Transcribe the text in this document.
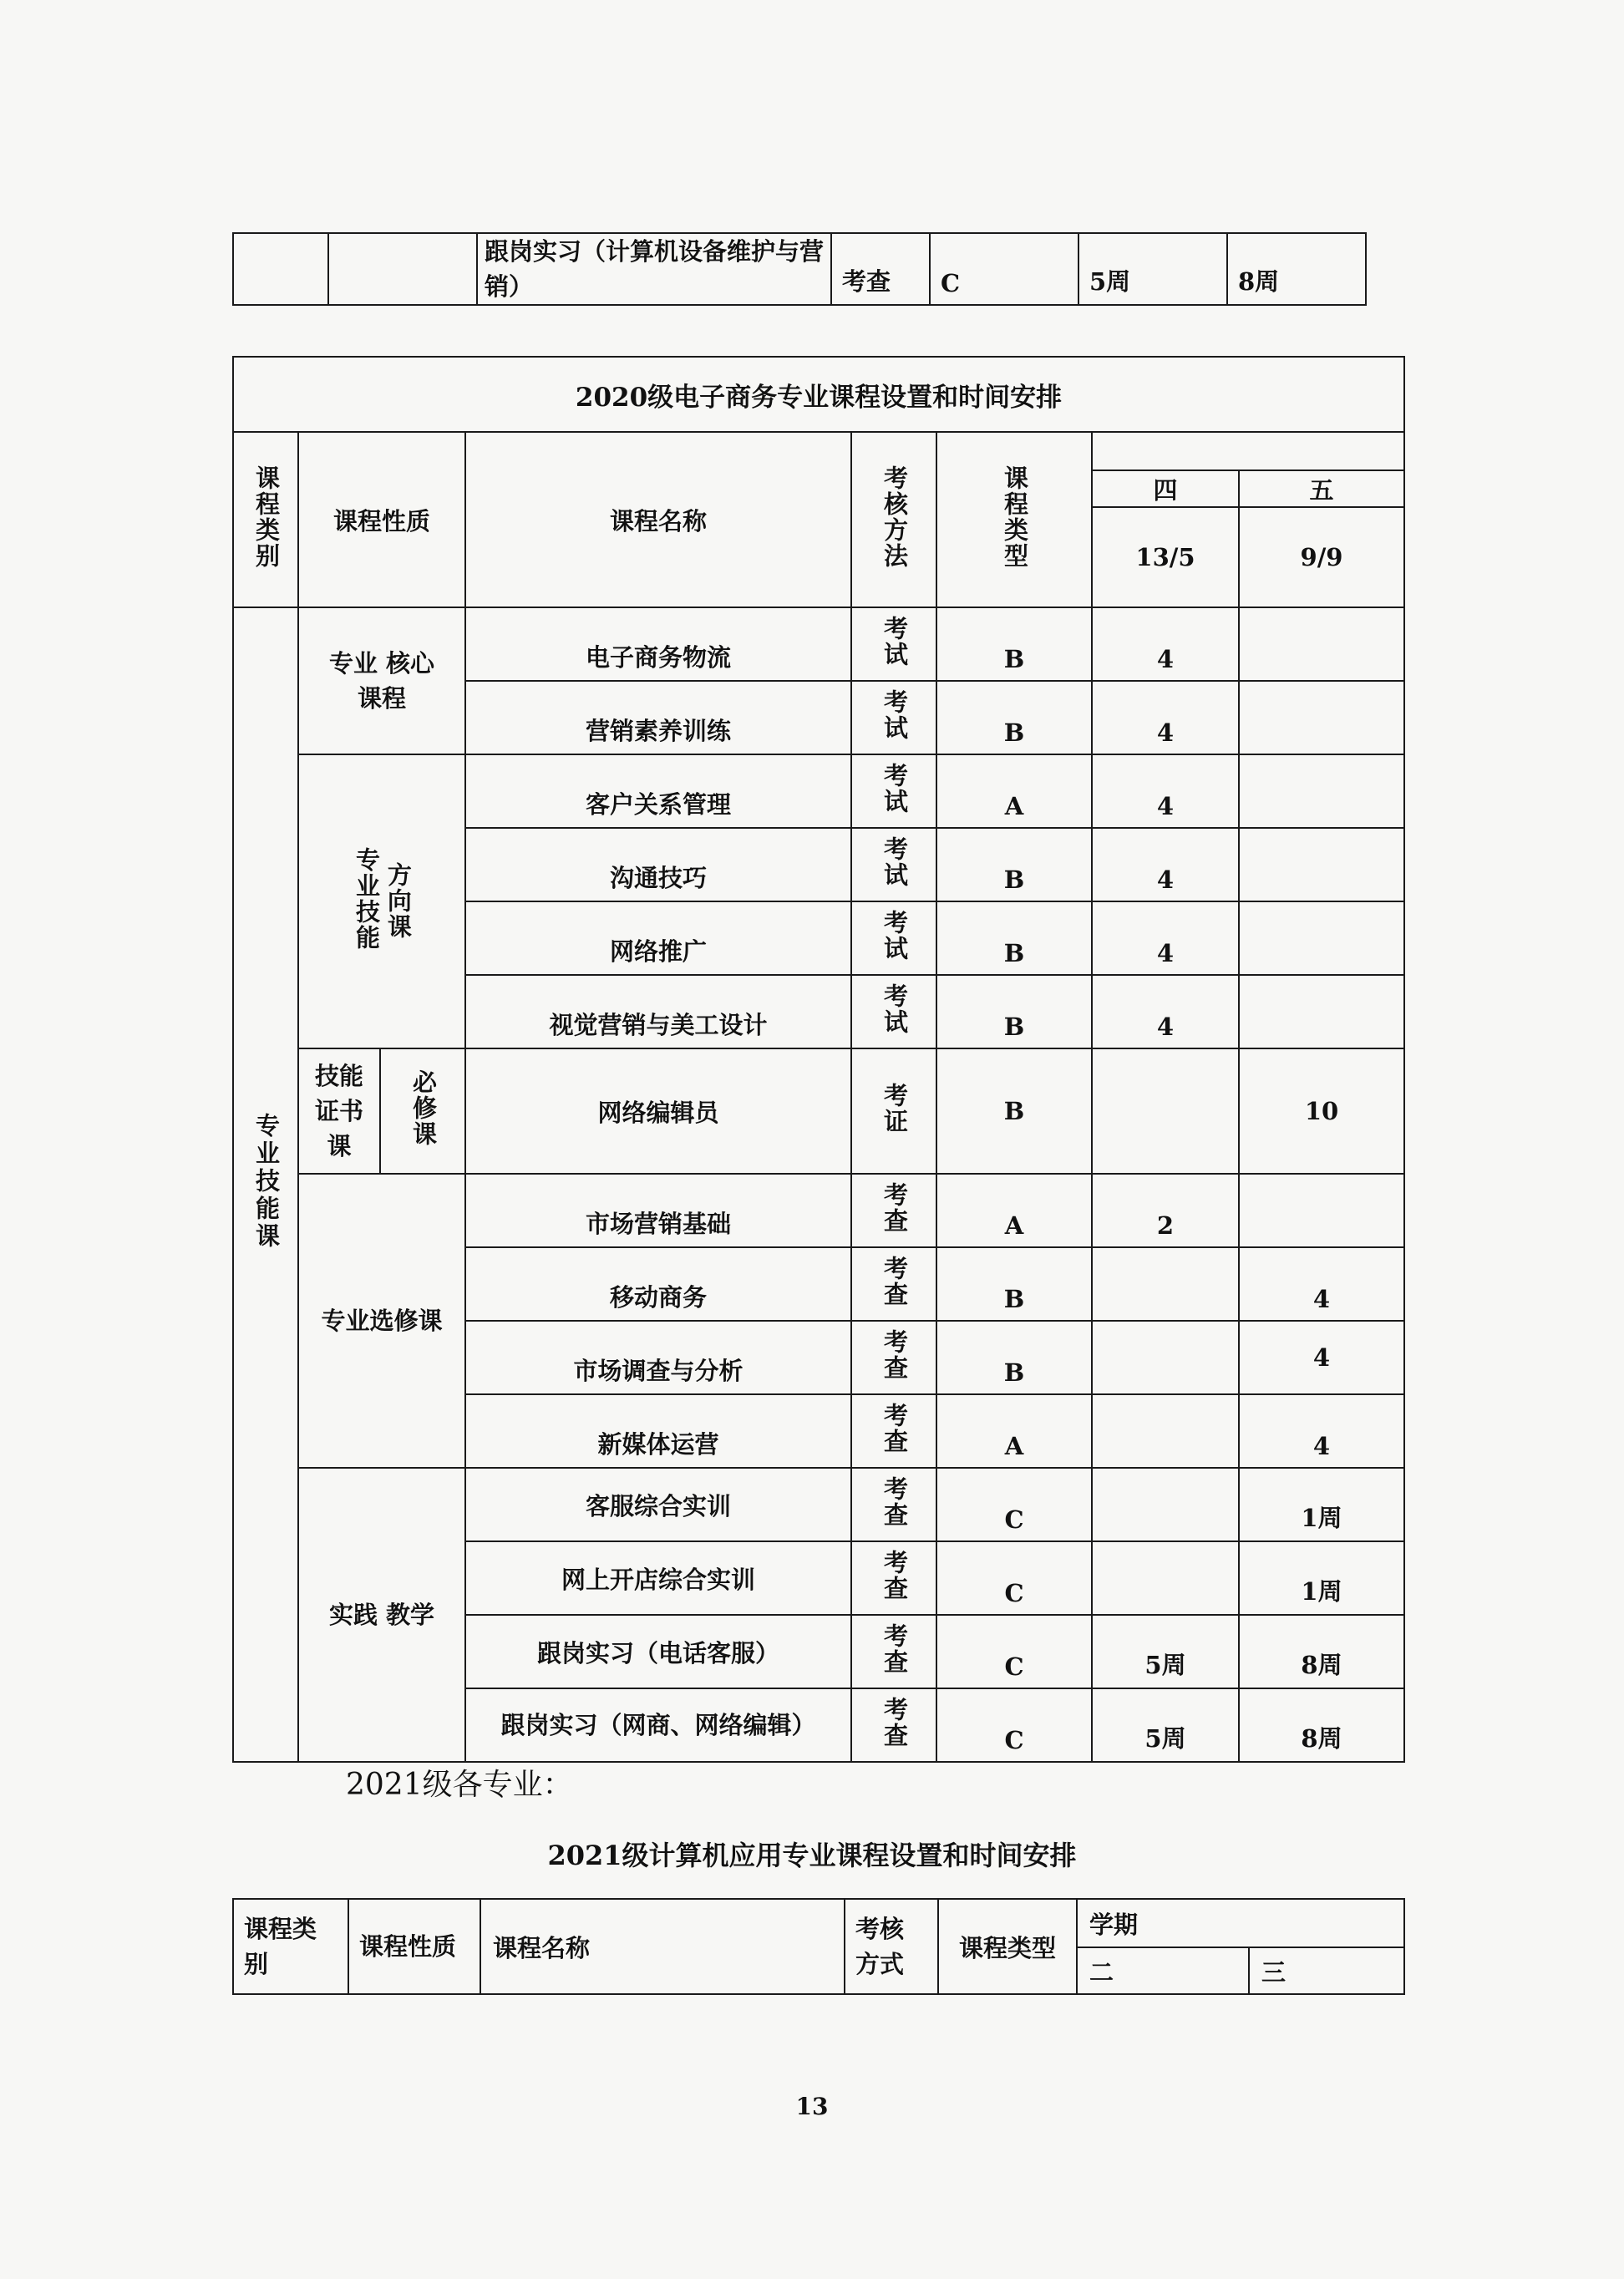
		跟岗实习（计算机设备维护与营销）	考查	C	5周	8周
2020级电子商务专业课程设置和时间安排							
课程类别	课程性质		课程名称	考核方法	课程类型		
						四	五
						13/5	9/9
专业技能课	专业 核心课程		电子商务物流	考试	B	4	
			营销素养训练	考试	B	4	

	专业技能 方向课		客户关系管理	考试	A	4	
			沟通技巧	考试	B	4	
			网络推广	考试	B	4	
			视觉营销与美工设计	考试	B	4	
	技能证书课	必修课	网络编辑员	考证	B		10
	专业选修课		市场营销基础	考查	A	2	
			移动商务	考查	B		4
			市场调查与分析	考查	B		4
			新媒体运营	考查	A		4
	实践 教学		客服综合实训	考查	C		1周
			网上开店综合实训	考查	C		1周
			跟岗实习（电话客服）	考查	C	5周	8周
			跟岗实习（网商、网络编辑）	考查	C	5周	8周
2021级各专业：
2021级计算机应用专业课程设置和时间安排
课程类别	课程性质	课程名称	考核方式	课程类型	学期	
					二	三
13
